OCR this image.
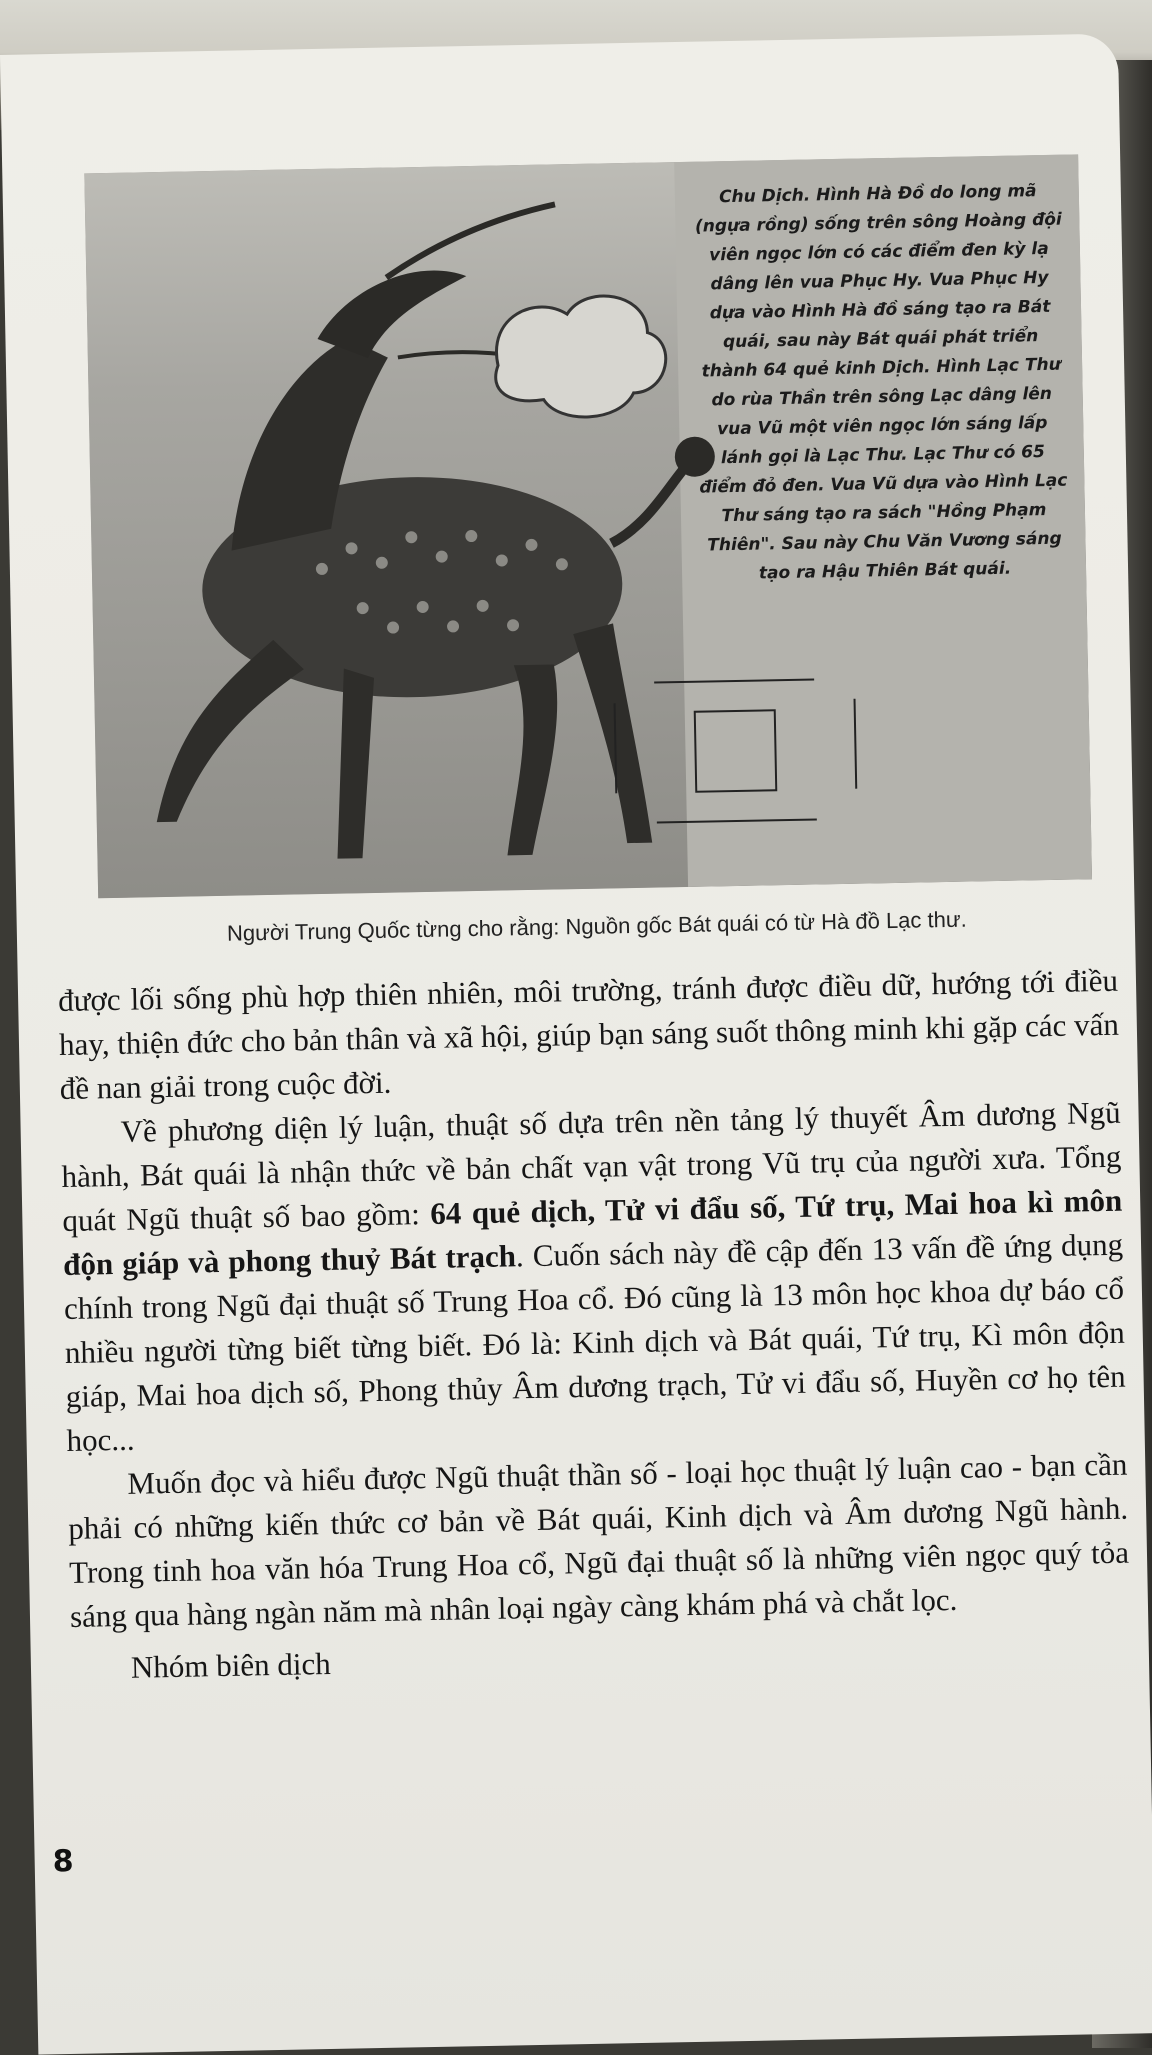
Chu Dịch. Hình Hà Đồ do long mã (ngựa rồng) sống trên sông Hoàng đội viên ngọc lớn có các điểm đen kỳ lạ dâng lên vua Phục Hy. Vua Phục Hy dựa vào Hình Hà đồ sáng tạo ra Bát quái, sau này Bát quái phát triển thành 64 quẻ kinh Dịch. Hình Lạc Thư do rùa Thần trên sông Lạc dâng lên vua Vũ một viên ngọc lớn sáng lấp lánh gọi là Lạc Thư. Lạc Thư có 65 điểm đỏ đen. Vua Vũ dựa vào Hình Lạc Thư sáng tạo ra sách "Hồng Phạm Thiên". Sau này Chu Văn Vương sáng tạo ra Hậu Thiên Bát quái.
Người Trung Quốc từng cho rằng: Nguồn gốc Bát quái có từ Hà đồ Lạc thư.

được lối sống phù hợp thiên nhiên, môi trường, tránh được điều dữ, hướng tới điều hay, thiện đức cho bản thân và xã hội, giúp bạn sáng suốt thông minh khi gặp các vấn đề nan giải trong cuộc đời.

Về phương diện lý luận, thuật số dựa trên nền tảng lý thuyết Âm dương Ngũ hành, Bát quái là nhận thức về bản chất vạn vật trong Vũ trụ của người xưa. Tổng quát Ngũ thuật số bao gồm: 64 quẻ dịch, Tử vi đẩu số, Tứ trụ, Mai hoa kì môn độn giáp và phong thuỷ Bát trạch. Cuốn sách này đề cập đến 13 vấn đề ứng dụng chính trong Ngũ đại thuật số Trung Hoa cổ. Đó cũng là 13 môn học khoa dự báo cổ nhiều người từng biết từng biết. Đó là: Kinh dịch và Bát quái, Tứ trụ, Kì môn độn giáp, Mai hoa dịch số, Phong thủy Âm dương trạch, Tử vi đẩu số, Huyền cơ họ tên học...

Muốn đọc và hiểu được Ngũ thuật thần số - loại học thuật lý luận cao - bạn cần phải có những kiến thức cơ bản về Bát quái, Kinh dịch và Âm dương Ngũ hành. Trong tinh hoa văn hóa Trung Hoa cổ, Ngũ đại thuật số là những viên ngọc quý tỏa sáng qua hàng ngàn năm mà nhân loại ngày càng khám phá và chắt lọc.

Nhóm biên dịch

8
